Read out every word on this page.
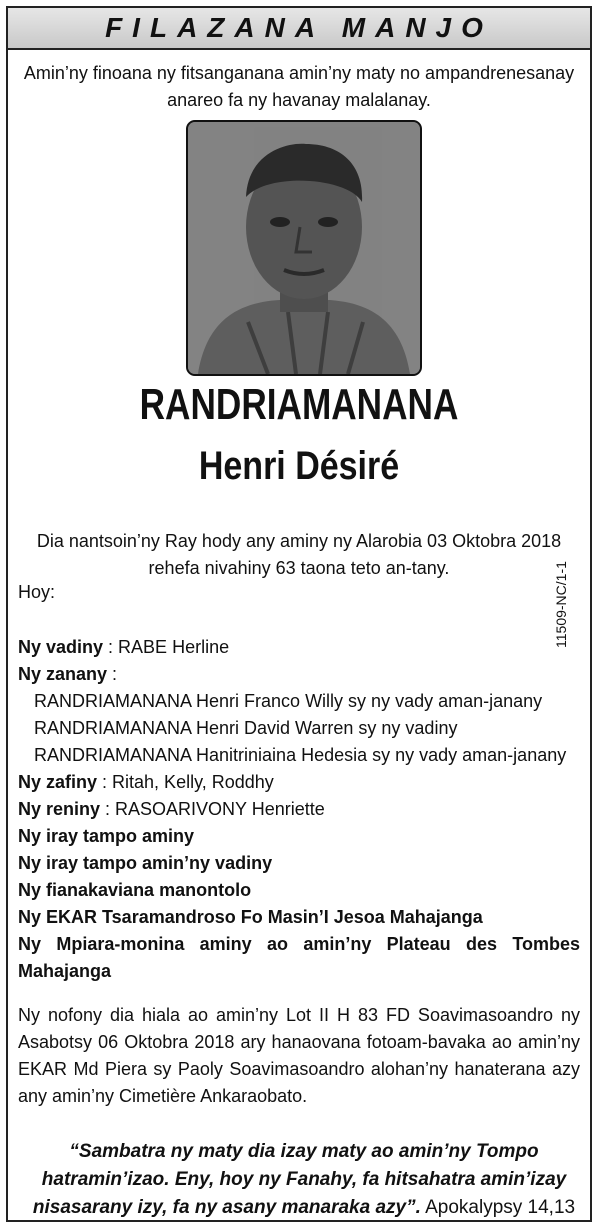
FILAZANA MANJO
Amin’ny finoana ny fitsanganana amin’ny maty no ampandrenesanay anareo fa ny havanay malalanay.
RANDRIAMANANA
Henri Désiré
Dia nantsoin’ny Ray hody any aminy ny Alarobia 03 Oktobra 2018 rehefa nivahiny 63 taona teto an-tany.
Hoy:	11509-NC/1-1
Ny vadiny : RABE Herline
Ny zanany :
RANDRIAMANANA Henri Franco Willy sy ny vady aman-janany
RANDRIAMANANA Henri David Warren sy ny vadiny
RANDRIAMANANA Hanitriniaina Hedesia sy ny vady aman-janany
Ny zafiny : Ritah, Kelly, Roddhy
Ny reniny : RASOARIVONY Henriette
Ny iray tampo aminy
Ny iray tampo amin’ny vadiny
Ny fianakaviana manontolo
Ny EKAR Tsaramandroso Fo Masin’I Jesoa Mahajanga
Ny Mpiara-monina aminy ao amin’ny Plateau des Tombes Mahajanga
Ny nofony dia hiala ao amin’ny Lot II H 83 FD Soavimasoandro ny Asabotsy 06 Oktobra 2018 ary hanaovana fotoam-bavaka ao amin’ny EKAR Md Piera sy Paoly Soavimasoandro alohan’ny hanaterana azy any amin’ny Cimetière Ankaraobato.
“Sambatra ny maty dia izay maty ao amin’ny Tompo hatramin’izao. Eny, hoy ny Fanahy, fa hitsahatra amin’izay nisasarany izy, fa ny asany manaraka azy”. Apokalypsy 14,13
